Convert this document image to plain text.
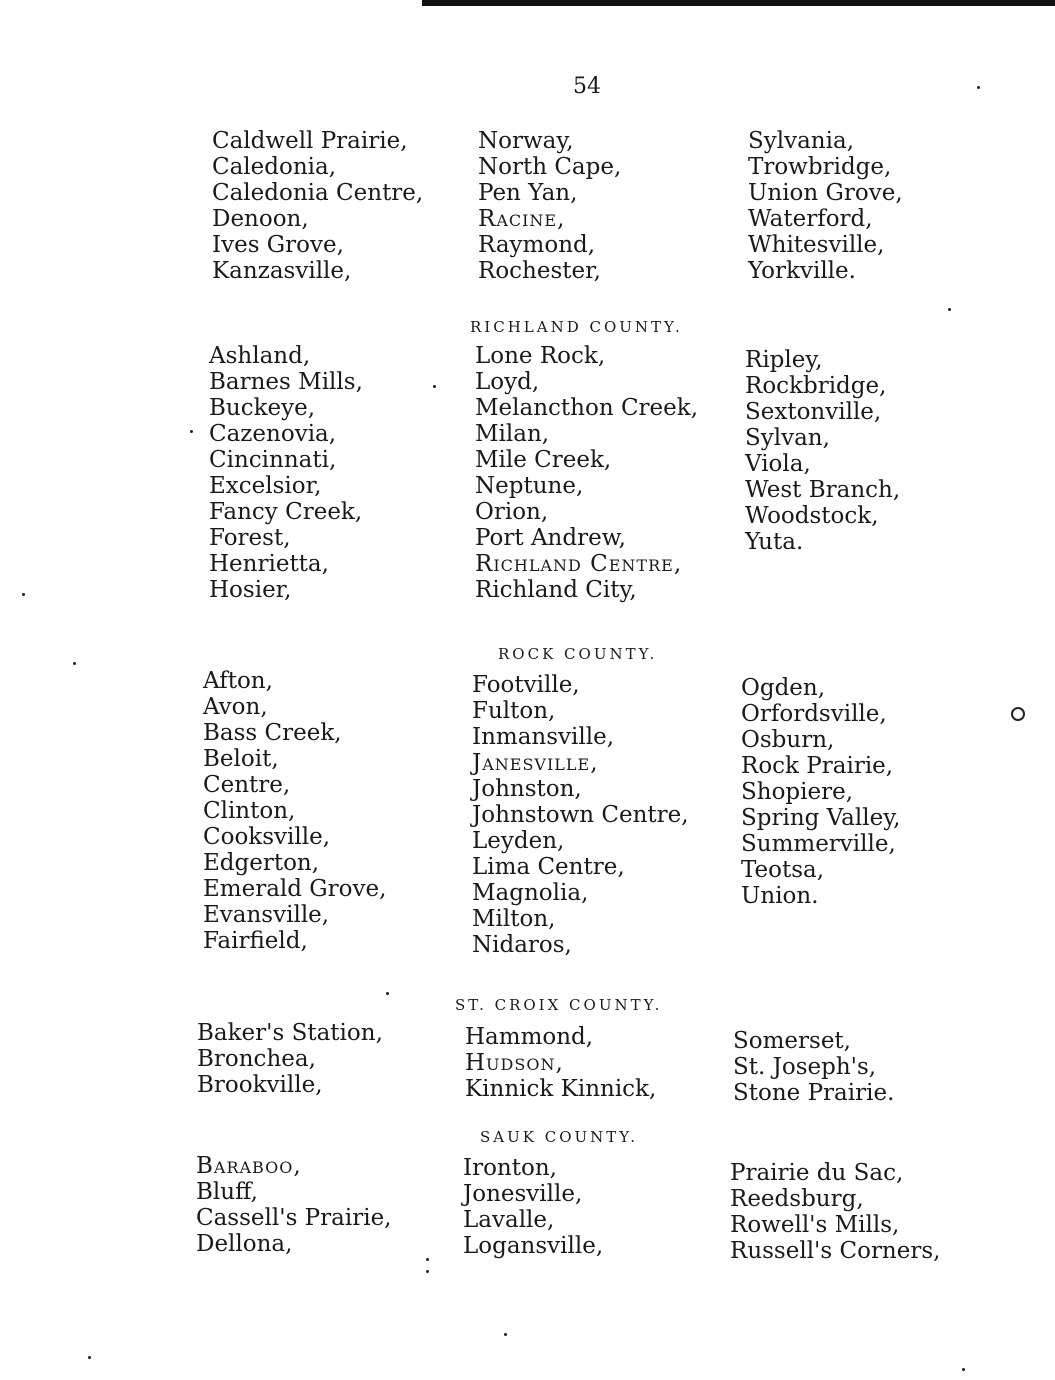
54
Caldwell Prairie,
Caledonia,
Caledonia Centre,
Denoon,
Ives Grove,
Kanzasville,
Norway,
North Cape,
Pen Yan,
Racine,
Raymond,
Rochester,
Sylvania,
Trowbridge,
Union Grove,
Waterford,
Whitesville,
Yorkville.
RICHLAND COUNTY.
Ashland,
Barnes Mills,
Buckeye,
Cazenovia,
Cincinnati,
Excelsior,
Fancy Creek,
Forest,
Henrietta,
Hosier,
Lone Rock,
Loyd,
Melancthon Creek,
Milan,
Mile Creek,
Neptune,
Orion,
Port Andrew,
Richland Centre,
Richland City,
Ripley,
Rockbridge,
Sextonville,
Sylvan,
Viola,
West Branch,
Woodstock,
Yuta.
ROCK COUNTY.
Afton,
Avon,
Bass Creek,
Beloit,
Centre,
Clinton,
Cooksville,
Edgerton,
Emerald Grove,
Evansville,
Fairfield,
Footville,
Fulton,
Inmansville,
Janesville,
Johnston,
Johnstown Centre,
Leyden,
Lima Centre,
Magnolia,
Milton,
Nidaros,
Ogden,
Orfordsville,
Osburn,
Rock Prairie,
Shopiere,
Spring Valley,
Summerville,
Teotsa,
Union.
ST. CROIX COUNTY.
Baker's Station,
Bronchea,
Brookville,
Hammond,
Hudson,
Kinnick Kinnick,
Somerset,
St. Joseph's,
Stone Prairie.
SAUK COUNTY.
Baraboo,
Bluff,
Cassell's Prairie,
Dellona,
Ironton,
Jonesville,
Lavalle,
Logansville,
Prairie du Sac,
Reedsburg,
Rowell's Mills,
Russell's Corners,
